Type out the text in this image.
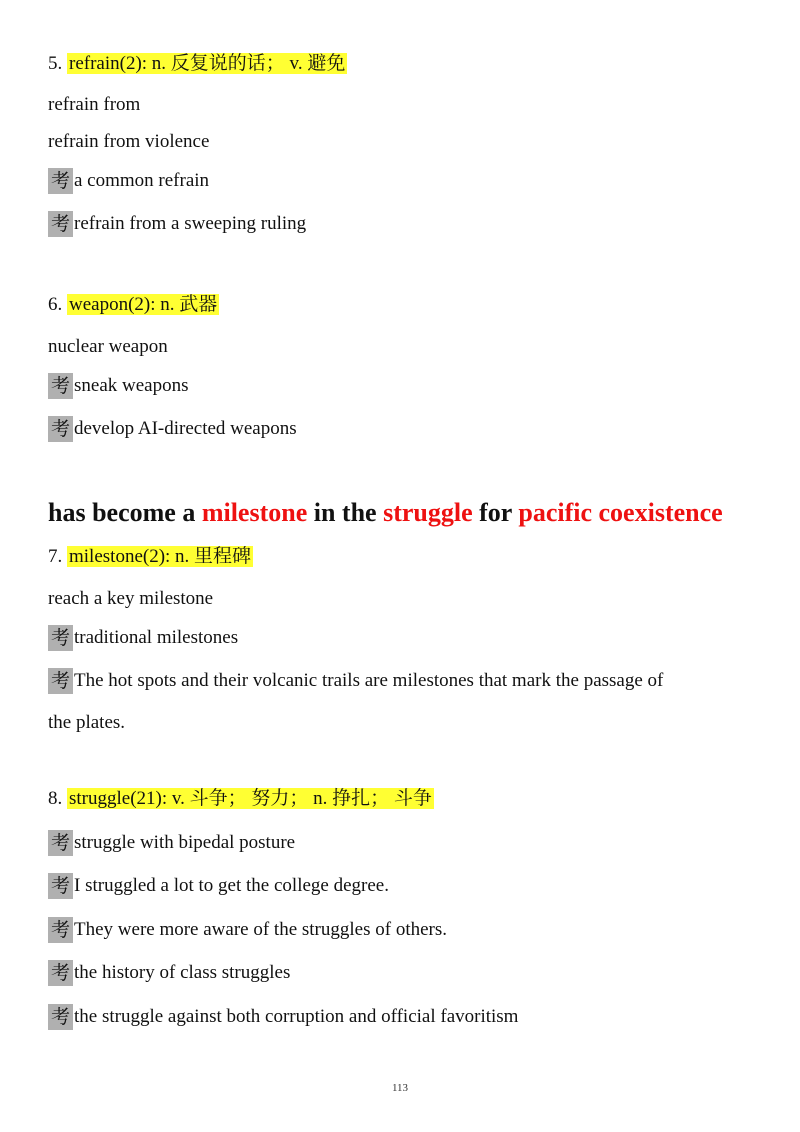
5. refrain(2): n. 反复说的话； v. 避免
refrain from
refrain from violence
考 a common refrain
考 refrain from a sweeping ruling
6. weapon(2): n. 武器
nuclear weapon
考 sneak weapons
考 develop AI-directed weapons
has become a milestone in the struggle for pacific coexistence
7. milestone(2): n. 里程碑
reach a key milestone
考 traditional milestones
考 The hot spots and their volcanic trails are milestones that mark the passage of
the plates.
8. struggle(21): v. 斗争； 努力； n. 挣扎； 斗争
考 struggle with bipedal posture
考 I struggled a lot to get the college degree.
考 They were more aware of the struggles of others.
考 the history of class struggles
考 the struggle against both corruption and official favoritism
113
